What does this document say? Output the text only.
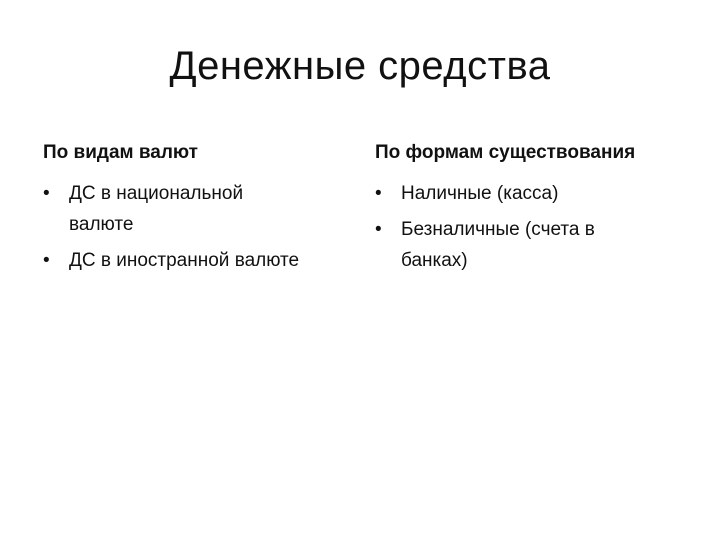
Денежные средства
По видам валют
•	ДС в национальной валюте
•	ДС в иностранной валюте
По формам существования
•	Наличные (касса)
•	Безналичные (счета в банках)
